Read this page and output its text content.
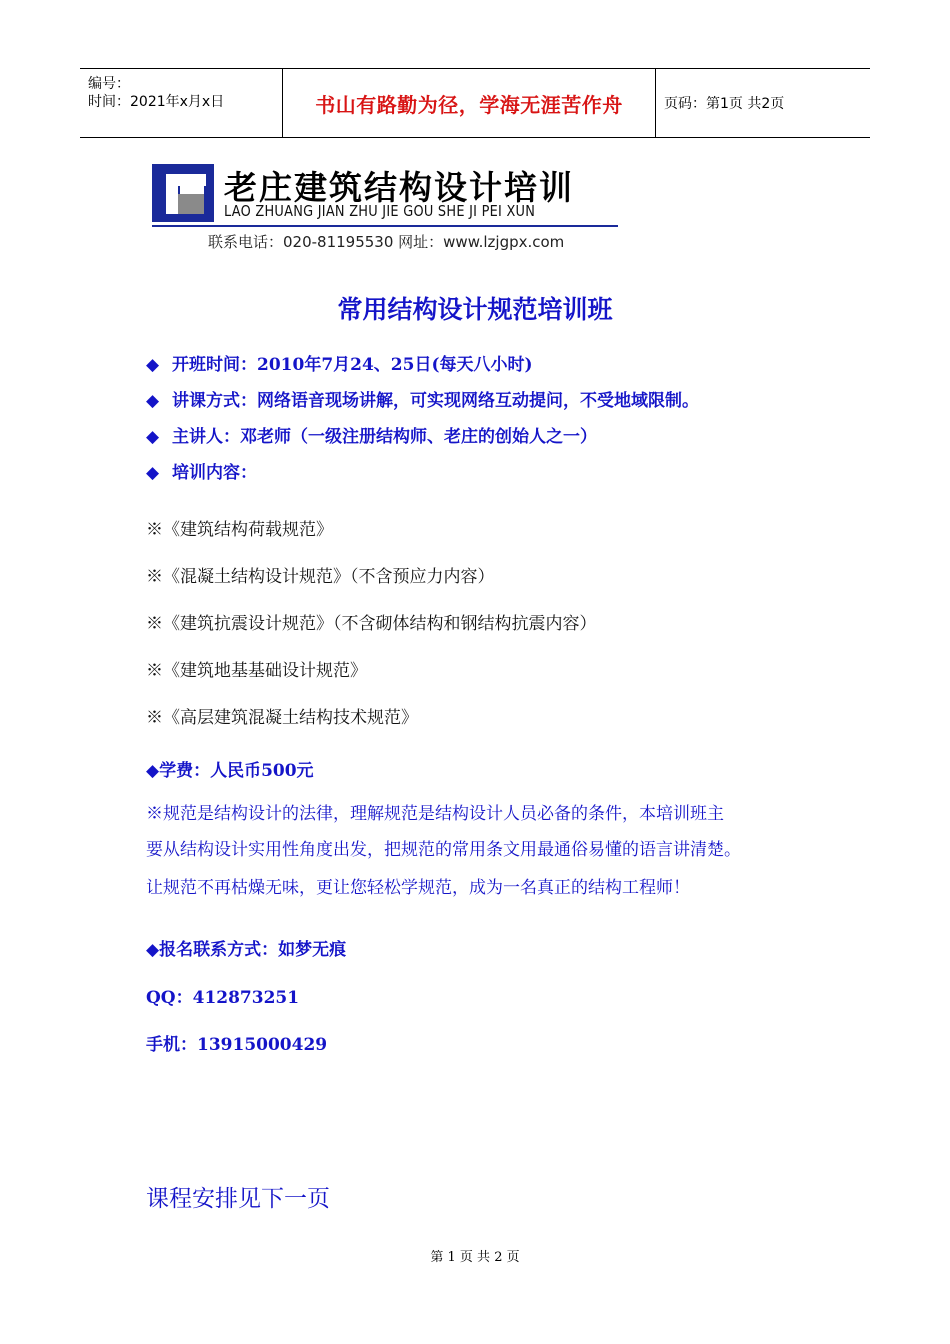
编号：
时间：2021年x月x日	书山有路勤为径，学海无涯苦作舟	页码：第1页 共2页
老庄建筑结构设计培训
LAO ZHUANG JIAN ZHU JIE GOU SHE JI PEI XUN
联系电话：020-81195530 网址：www.lzjgpx.com
常用结构设计规范培训班
◆ 开班时间：2010年7月24、25日(每天八小时)
◆ 讲课方式：网络语音现场讲解，可实现网络互动提问，不受地域限制。
◆ 主讲人：邓老师（一级注册结构师、老庄的创始人之一）
◆ 培训内容：
※《建筑结构荷载规范》
※《混凝土结构设计规范》（不含预应力内容）
※《建筑抗震设计规范》（不含砌体结构和钢结构抗震内容）
※《建筑地基基础设计规范》
※《高层建筑混凝土结构技术规范》
◆学费：人民币500元
※规范是结构设计的法律，理解规范是结构设计人员必备的条件，本培训班主
要从结构设计实用性角度出发，把规范的常用条文用最通俗易懂的语言讲清楚。
让规范不再枯燥无味，更让您轻松学规范，成为一名真正的结构工程师！
◆报名联系方式：如梦无痕
QQ：412873251
手机：13915000429
课程安排见下一页
第 1 页 共 2 页
